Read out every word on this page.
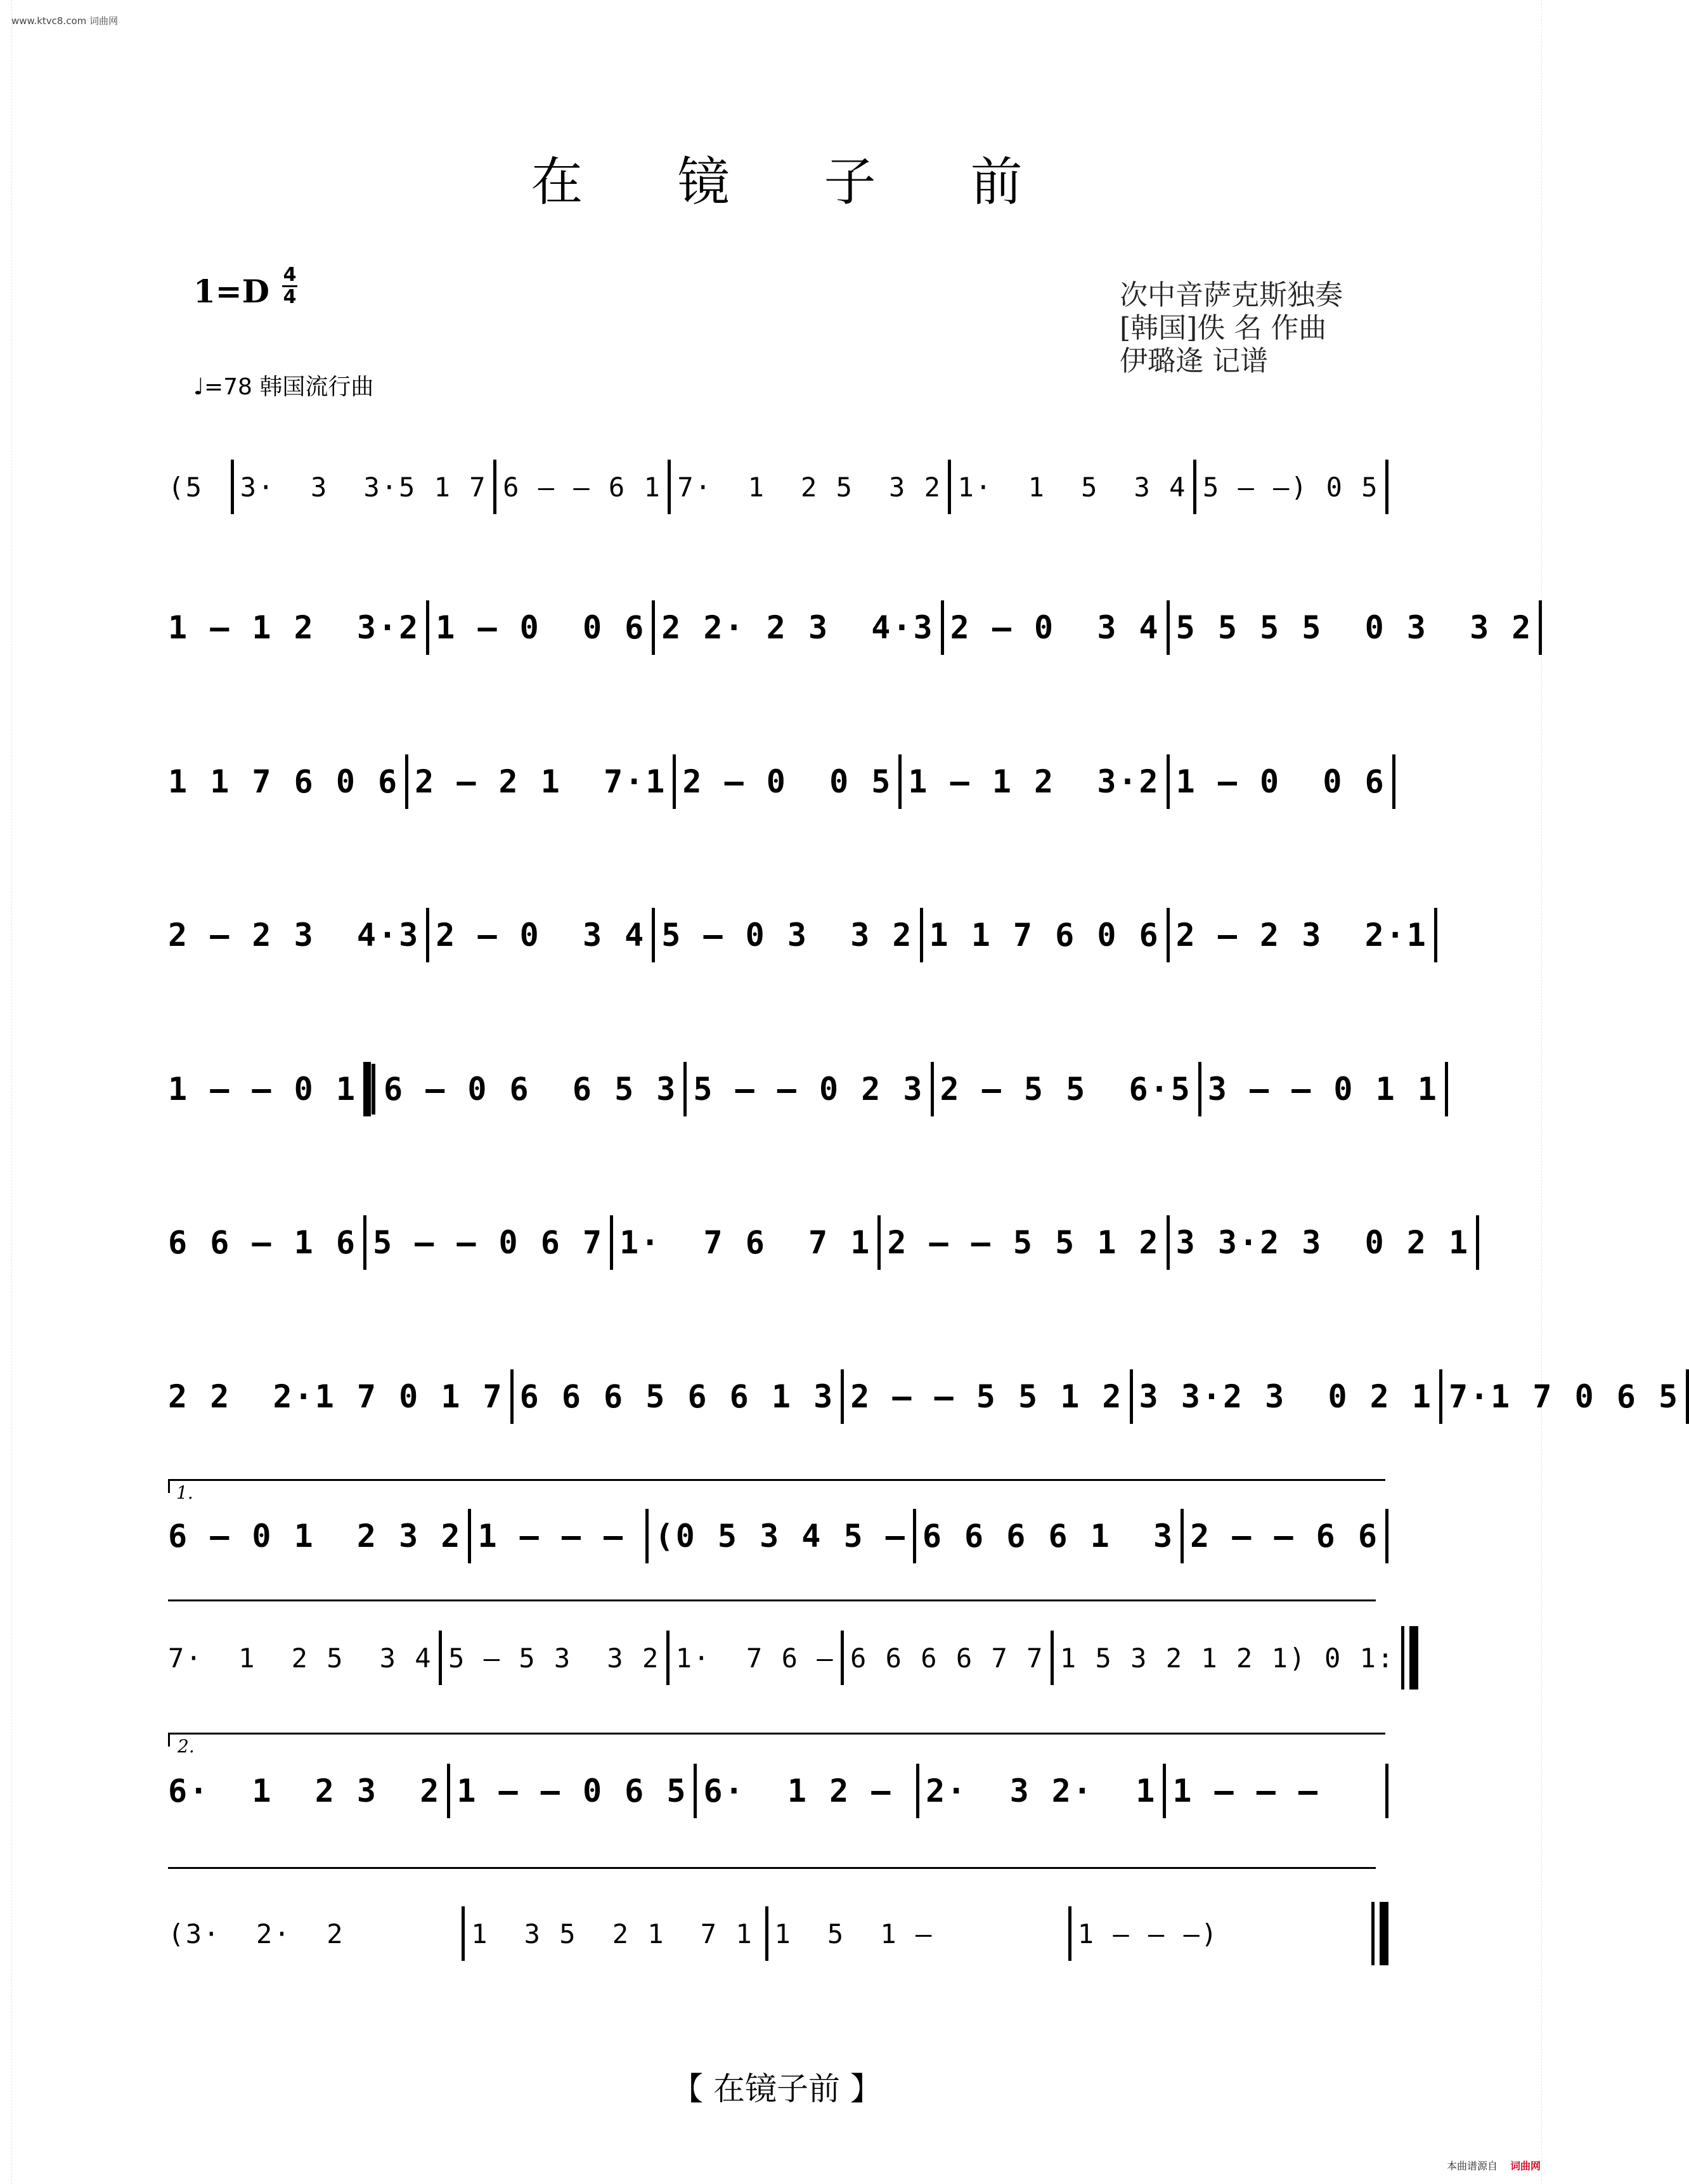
www.ktvc8.com 词曲网
在 镜 子 前
1=D 4
4
♩=78 韩国流行曲
次中音萨克斯独奏
[韩国]佚 名 作曲
伊璐逄 记谱
(5	3·  3  3·5 1 7 6 – – 6 1 7·  1  2 5  3 2 1·  1  5  3 4 5 – –) 0 5
1 – 1 2  3·2 1 – 0  0 6 2 2· 2 3  4·3 2 – 0  3 4 5 5 5 5  0 3  3 2
1 1 7 6 0 6 2 – 2 1  7·1 2 – 0  0 5 1 – 1 2  3·2 1 – 0  0 6
2 – 2 3  4·3 2 – 0  3 4 5 – 0 3  3 2 1 1 7 6 0 6 2 – 2 3  2·1
1 – – 0 1 6 – 0 6  6 5 3 5 – – 0 2 3 2 – 5 5  6·5 3 – – 0 1 1
6 6 – 1 6 5 – – 0 6 7 1·  7 6  7 1 2 – – 5 5 1 2 3 3·2 3  0 2 1
2 2  2·1 7 0 1 7 6 6 6 5 6 6 1 3 2 – – 5 5 1 2 3 3·2 3  0 2 1 7·1 7 0 6 5
6 – 0 1  2 3 2 1 – – – (0 5 3 4 5 – 6 6 6 6 1  3 2 – – 6 6
7·  1  2 5  3 4 5 – 5 3  3 2 1·  7 6 – 6 6 6 6 7 7 1 5 3 2 1 2 1) 0 1:
6·  1  2 3  2 1 – – 0 6 5 6·  1 2 –	2·  3 2·  1 1 – – –
(3·  2·  2	1  3 5  2 1  7 1 1  5  1 –	1 – – –)
1.
2.
【 在镜子前 】
本曲谱源自 词曲网
